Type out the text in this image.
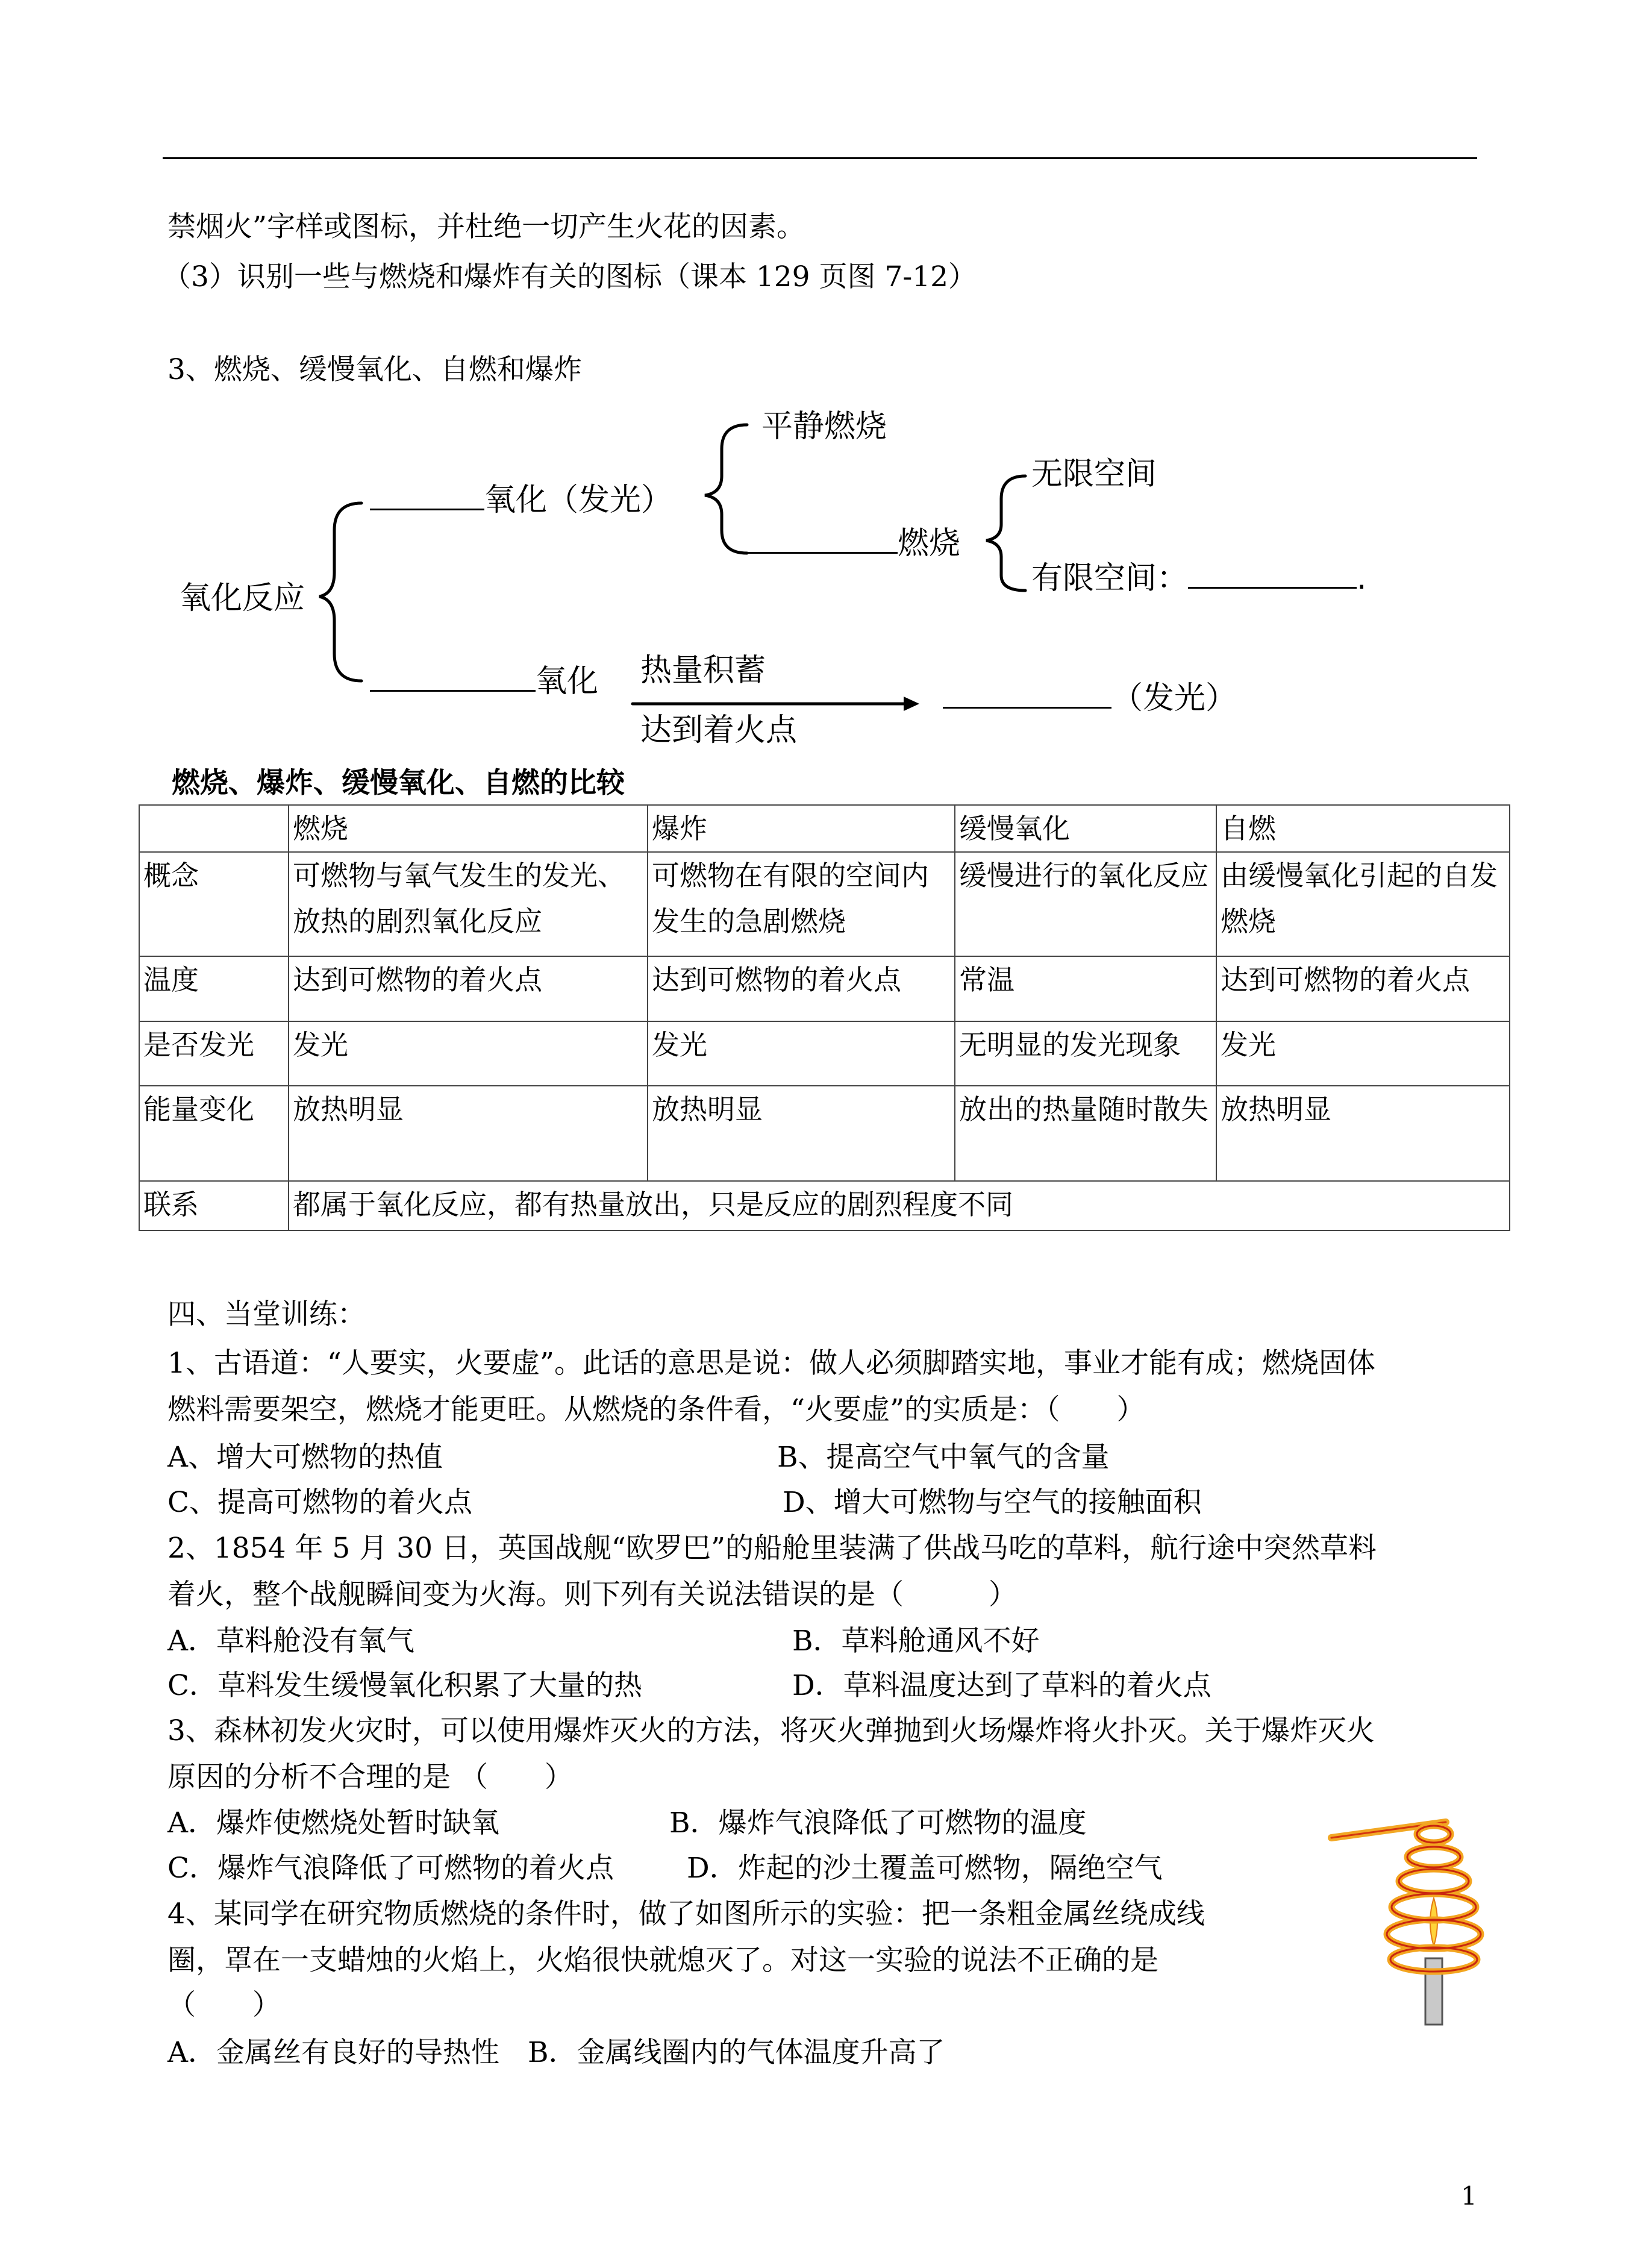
禁烟火”字样或图标，并杜绝一切产生火花的因素。
（3）识别一些与燃烧和爆炸有关的图标（课本 129 页图 7-12）
3、燃烧、缓慢氧化、自燃和爆炸
氧化反应
氧化（发光）
平静燃烧
燃烧
无限空间
有限空间：	.
氧化 热量积蓄
达到着火点
（发光）
燃烧、爆炸、缓慢氧化、自燃的比较
	燃烧	爆炸	缓慢氧化	自燃
概念	可燃物与氧气发生的发光、放热的剧烈氧化反应	可燃物在有限的空间内发生的急剧燃烧	缓慢进行的氧化反应	由缓慢氧化引起的自发燃烧
温度	达到可燃物的着火点	达到可燃物的着火点	常温	达到可燃物的着火点
是否发光	发光	发光	无明显的发光现象	发光
能量变化	放热明显	放热明显	放出的热量随时散失	放热明显
联系	都属于氧化反应，都有热量放出，只是反应的剧烈程度不同			
四、当堂训练：
1、古语道：“人要实，火要虚”。此话的意思是说：做人必须脚踏实地，事业才能有成；燃烧固体
燃料需要架空，燃烧才能更旺。从燃烧的条件看，“火要虚”的实质是：（　　）
A、增大可燃物的热值	B、提高空气中氧气的含量
C、提高可燃物的着火点	D、增大可燃物与空气的接触面积
2、1854 年 5 月 30 日，英国战舰“欧罗巴”的船舱里装满了供战马吃的草料，航行途中突然草料
着火，整个战舰瞬间变为火海。则下列有关说法错误的是（　　　）
A．草料舱没有氧气	B．草料舱通风不好
C．草料发生缓慢氧化积累了大量的热	D．草料温度达到了草料的着火点
3、森林初发火灾时，可以使用爆炸灭火的方法，将灭火弹抛到火场爆炸将火扑灭。关于爆炸灭火
原因的分析不合理的是 （　　）
A．爆炸使燃烧处暂时缺氧	B．爆炸气浪降低了可燃物的温度
C．爆炸气浪降低了可燃物的着火点	D．炸起的沙土覆盖可燃物，隔绝空气
4、某同学在研究物质燃烧的条件时，做了如图所示的实验：把一条粗金属丝绕成线
圈，罩在一支蜡烛的火焰上，火焰很快就熄灭了。对这一实验的说法不正确的是
（　　）
A．金属丝有良好的导热性　B．金属线圈内的气体温度升高了
1
